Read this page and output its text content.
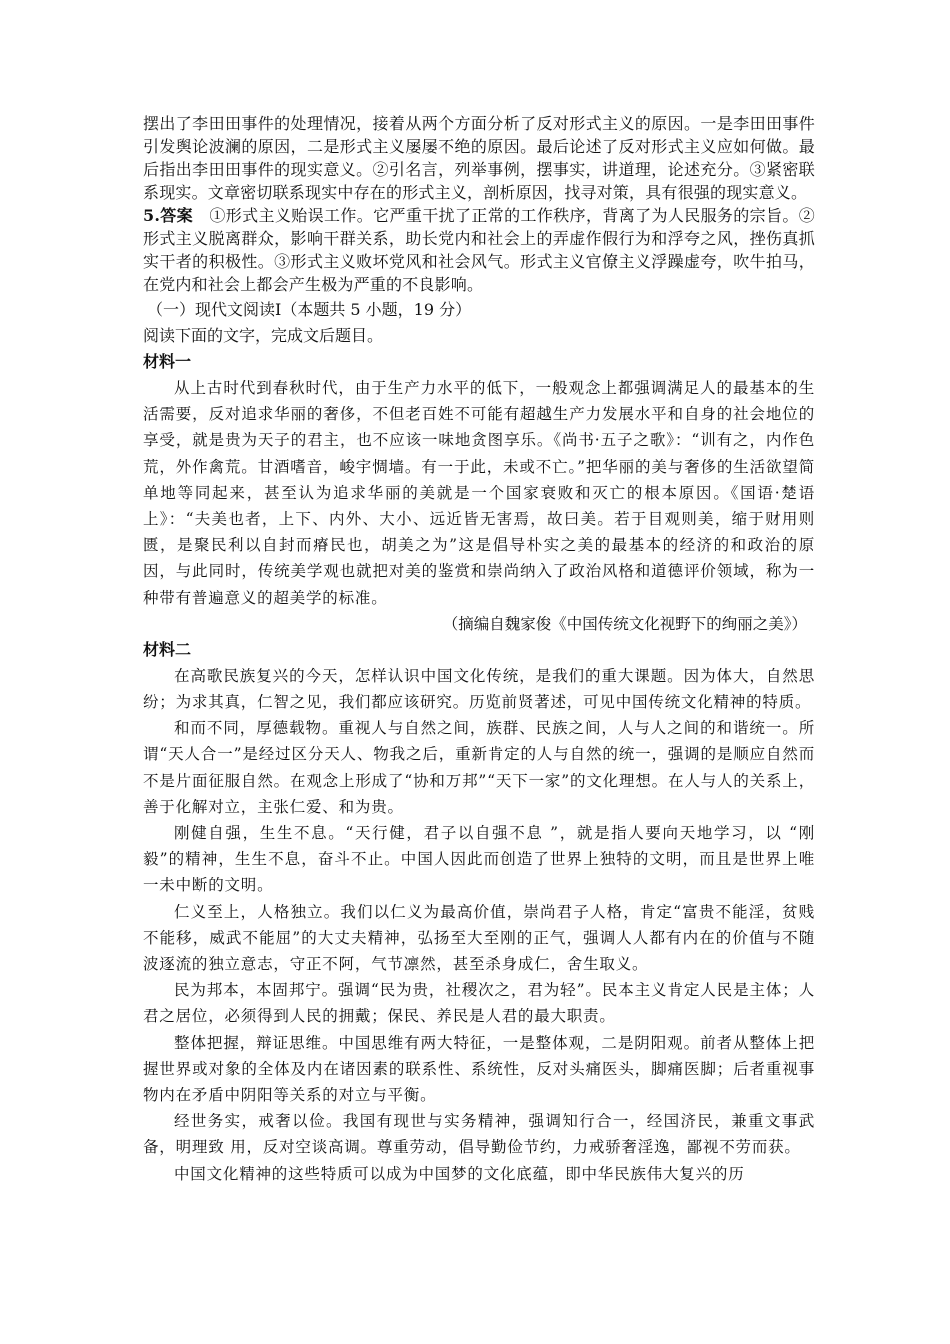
摆出了李田田事件的处理情况，接着从两个方面分析了反对形式主义的原因。一是李田田事件引发舆论波澜的原因，二是形式主义屡屡不绝的原因。最后论述了反对形式主义应如何做。最后指出李田田事件的现实意义。②引名言，列举事例，摆事实，讲道理，论述充分。③紧密联系现实。文章密切联系现实中存在的形式主义，剖析原因，找寻对策，具有很强的现实意义。

5.答案　 ①形式主义贻误工作。它严重干扰了正常的工作秩序，背离了为人民服务的宗旨。②形式主义脱离群众，影响干群关系，助长党内和社会上的弄虚作假行为和浮夸之风，挫伤真抓实干者的积极性。③形式主义败坏党风和社会风气。形式主义官僚主义浮躁虚夸，吹牛拍马，在党内和社会上都会产生极为严重的不良影响。

（一）现代文阅读Ⅰ（本题共 5 小题，19 分）

阅读下面的文字，完成文后题目。

材料一

从上古时代到春秋时代，由于生产力水平的低下，一般观念上都强调满足人的最基本的生活需要，反对追求华丽的奢侈，不但老百姓不可能有超越生产力发展水平和自身的社会地位的享受，就是贵为天子的君主，也不应该一味地贪图享乐。《尚书·五子之歌》：“训有之，内作色荒，外作禽荒。甘酒嗜音，峻宇惆墙。有一于此，未或不亡。”把华丽的美与奢侈的生活欲望简单地等同起来，甚至认为追求华丽的美就是一个国家衰败和灭亡的根本原因。《国语·楚语上》：“夫美也者，上下、内外、大小、远近皆无害焉，故曰美。若于目观则美，缩于财用则匮，是聚民利以自封而瘠民也，胡美之为”这是倡导朴实之美的最基本的经济的和政治的原因，与此同时，传统美学观也就把对美的鉴赏和崇尚纳入了政治风格和道德评价领域，称为一种带有普遍意义的超美学的标准。

（摘编自魏家俊《中国传统文化视野下的绚丽之美》）

材料二

在高歌民族复兴的今天，怎样认识中国文化传统，是我们的重大课题。因为体大，自然思纷；为求其真，仁智之见，我们都应该研究。历览前贤著述，可见中国传统文化精神的特质。

和而不同，厚德载物。重视人与自然之间，族群、民族之间，人与人之间的和谐统一。所谓“天人合一”是经过区分天人、物我之后，重新肯定的人与自然的统一，强调的是顺应自然而不是片面征服自然。在观念上形成了“协和万邦”“天下一家”的文化理想。在人与人的关系上，善于化解对立，主张仁爱、和为贵。

刚健自强，生生不息。“天行健，君子以自强不息 ”，就是指人要向天地学习，以 “刚毅”的精神，生生不息，奋斗不止。中国人因此而创造了世界上独特的文明，而且是世界上唯一未中断的文明。

仁义至上，人格独立。我们以仁义为最高价值，崇尚君子人格，肯定“富贵不能淫，贫贱不能移，威武不能屈”的大丈夫精神，弘扬至大至刚的正气，强调人人都有内在的价值与不随波逐流的独立意志，守正不阿，气节凛然，甚至杀身成仁，舍生取义。

民为邦本，本固邦宁。强调“民为贵，社稷次之，君为轻”。民本主义肯定人民是主体；人君之居位，必须得到人民的拥戴；保民、养民是人君的最大职责。

整体把握，辩证思维。中国思维有两大特征，一是整体观，二是阴阳观。前者从整体上把握世界或对象的全体及内在诸因素的联系性、系统性，反对头痛医头，脚痛医脚；后者重视事物内在矛盾中阴阳等关系的对立与平衡。

经世务实，戒奢以俭。我国有现世与实务精神，强调知行合一，经国济民，兼重文事武备，明理致 用，反对空谈高调。尊重劳动，倡导勤俭节约，力戒骄奢淫逸，鄙视不劳而获。

中国文化精神的这些特质可以成为中国梦的文化底蕴，即中华民族伟大复兴的历
